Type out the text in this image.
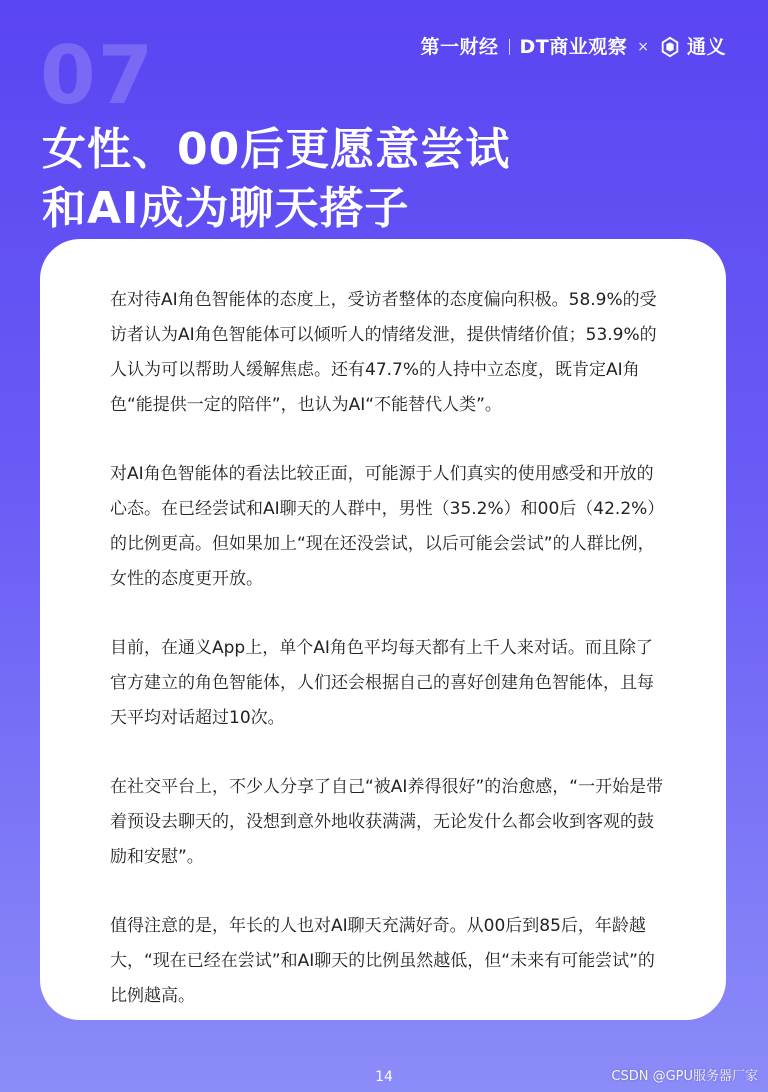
第一财经 DT商业观察 × 通义
07
女性、00后更愿意尝试
和AI成为聊天搭子

在对待AI角色智能体的态度上，受访者整体的态度偏向积极。58.9%的受访者认为AI角色智能体可以倾听人的情绪发泄，提供情绪价值；53.9%的人认为可以帮助人缓解焦虑。还有47.7%的人持中立态度，既肯定AI角色“能提供一定的陪伴”，也认为AI“不能替代人类”。

对AI角色智能体的看法比较正面，可能源于人们真实的使用感受和开放的心态。在已经尝试和AI聊天的人群中，男性（35.2%）和00后（42.2%）的比例更高。但如果加上“现在还没尝试，以后可能会尝试”的人群比例，女性的态度更开放。

目前，在通义App上，单个AI角色平均每天都有上千人来对话。而且除了官方建立的角色智能体，人们还会根据自己的喜好创建角色智能体，且每天平均对话超过10次。

在社交平台上，不少人分享了自己“被AI养得很好”的治愈感，“一开始是带着预设去聊天的，没想到意外地收获满满，无论发什么都会收到客观的鼓励和安慰”。

值得注意的是，年长的人也对AI聊天充满好奇。从00后到85后，年龄越大，“现在已经在尝试”和AI聊天的比例虽然越低，但“未来有可能尝试”的比例越高。

14	CSDN @GPU服务器厂家
